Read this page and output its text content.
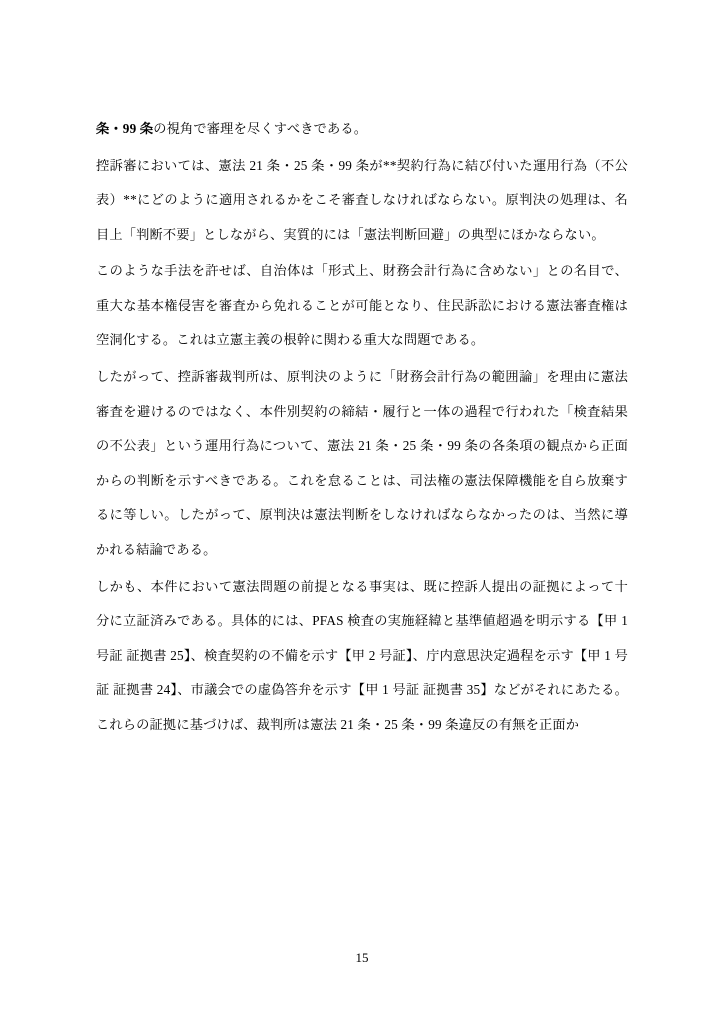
条・99 条の視角で審理を尽くすべきである。

控訴審においては、憲法 21 条・25 条・99 条が**契約行為に結び付いた運用行為（不公表）**にどのように適用されるかをこそ審査しなければならない。原判決の処理は、名目上「判断不要」としながら、実質的には「憲法判断回避」の典型にほかならない。

このような手法を許せば、自治体は「形式上、財務会計行為に含めない」との名目で、重大な基本権侵害を審査から免れることが可能となり、住民訴訟における憲法審査権は空洞化する。これは立憲主義の根幹に関わる重大な問題である。

したがって、控訴審裁判所は、原判決のように「財務会計行為の範囲論」を理由に憲法審査を避けるのではなく、本件別契約の締結・履行と一体の過程で行われた「検査結果の不公表」という運用行為について、憲法 21 条・25 条・99 条の各条項の観点から正面からの判断を示すべきである。これを怠ることは、司法権の憲法保障機能を自ら放棄するに等しい。したがって、原判決は憲法判断をしなければならなかったのは、当然に導かれる結論である。

しかも、本件において憲法問題の前提となる事実は、既に控訴人提出の証拠によって十分に立証済みである。具体的には、PFAS 検査の実施経緯と基準値超過を明示する【甲 1 号証 証拠書 25】、検査契約の不備を示す【甲 2 号証】、庁内意思決定過程を示す【甲 1 号証 証拠書 24】、市議会での虚偽答弁を示す【甲 1 号証 証拠書 35】などがそれにあたる。これらの証拠に基づけば、裁判所は憲法 21 条・25 条・99 条違反の有無を正面か

15
